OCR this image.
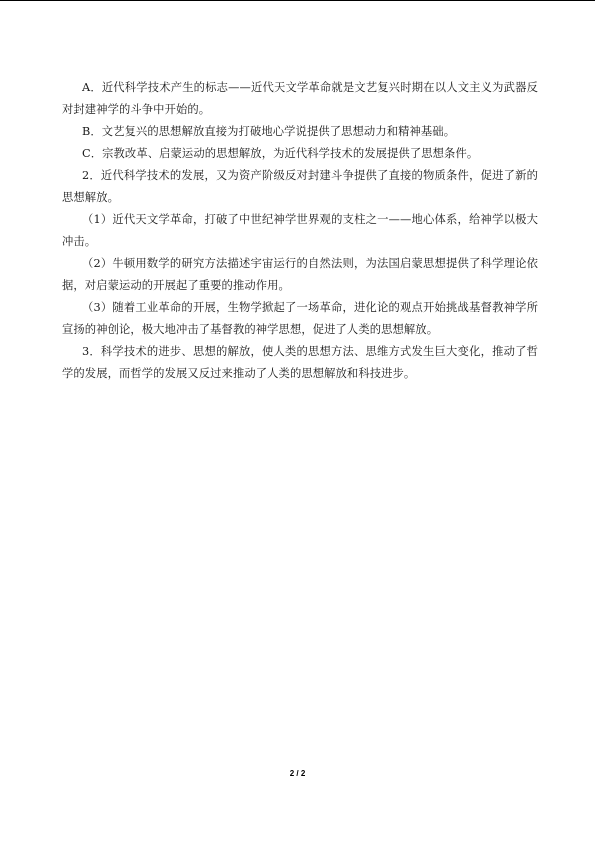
A．近代科学技术产生的标志——近代天文学革命就是文艺复兴时期在以人文主义为武器反对封建神学的斗争中开始的。

B．文艺复兴的思想解放直接为打破地心学说提供了思想动力和精神基础。

C．宗教改革、启蒙运动的思想解放，为近代科学技术的发展提供了思想条件。

2．近代科学技术的发展，又为资产阶级反对封建斗争提供了直接的物质条件，促进了新的思想解放。

（1）近代天文学革命，打破了中世纪神学世界观的支柱之一——地心体系，给神学以极大冲击。

（2）牛顿用数学的研究方法描述宇宙运行的自然法则，为法国启蒙思想提供了科学理论依据，对启蒙运动的开展起了重要的推动作用。

（3）随着工业革命的开展，生物学掀起了一场革命，进化论的观点开始挑战基督教神学所宣扬的神创论，极大地冲击了基督教的神学思想，促进了人类的思想解放。

3．科学技术的进步、思想的解放，使人类的思想方法、思维方式发生巨大变化，推动了哲学的发展，而哲学的发展又反过来推动了人类的思想解放和科技进步。

2 / 2
